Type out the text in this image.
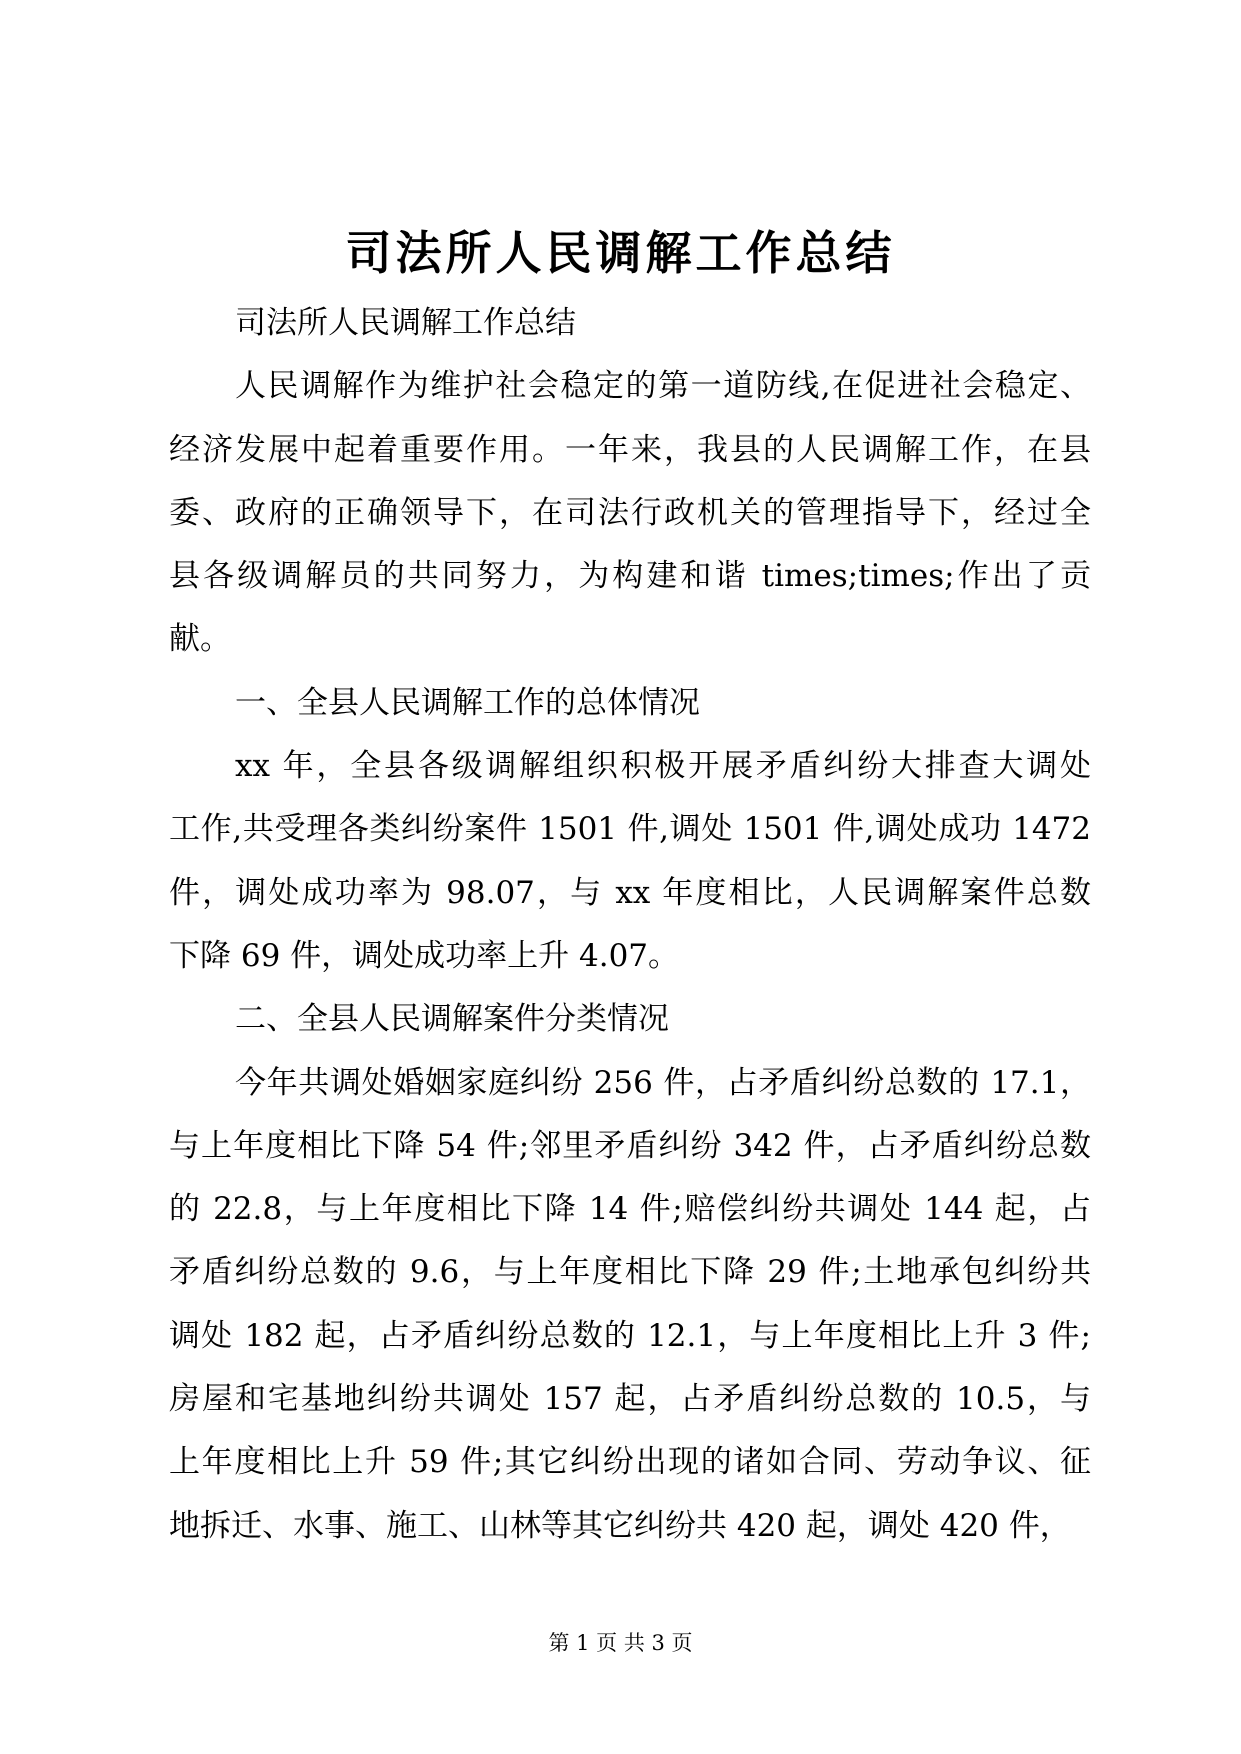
司法所人民调解工作总结
司法所人民调解工作总结
人民调解作为维护社会稳定的第一道防线,在促进社会稳定、
经济发展中起着重要作用。一年来，我县的人民调解工作，在县
委、政府的正确领导下，在司法行政机关的管理指导下，经过全
县各级调解员的共同努力，为构建和谐 times;times;作出了贡
献。
一、全县人民调解工作的总体情况
xx 年，全县各级调解组织积极开展矛盾纠纷大排查大调处
工作,共受理各类纠纷案件 1501 件,调处 1501 件,调处成功 1472
件，调处成功率为 98.07，与 xx 年度相比，人民调解案件总数
下降 69 件，调处成功率上升 4.07。
二、全县人民调解案件分类情况
今年共调处婚姻家庭纠纷 256 件，占矛盾纠纷总数的 17.1，
与上年度相比下降 54 件;邻里矛盾纠纷 342 件，占矛盾纠纷总数
的 22.8，与上年度相比下降 14 件;赔偿纠纷共调处 144 起，占
矛盾纠纷总数的 9.6，与上年度相比下降 29 件;土地承包纠纷共
调处 182 起，占矛盾纠纷总数的 12.1，与上年度相比上升 3 件;
房屋和宅基地纠纷共调处 157 起，占矛盾纠纷总数的 10.5，与
上年度相比上升 59 件;其它纠纷出现的诸如合同、劳动争议、征
地拆迁、水事、施工、山林等其它纠纷共 420 起，调处 420 件，
第 1 页 共 3 页
